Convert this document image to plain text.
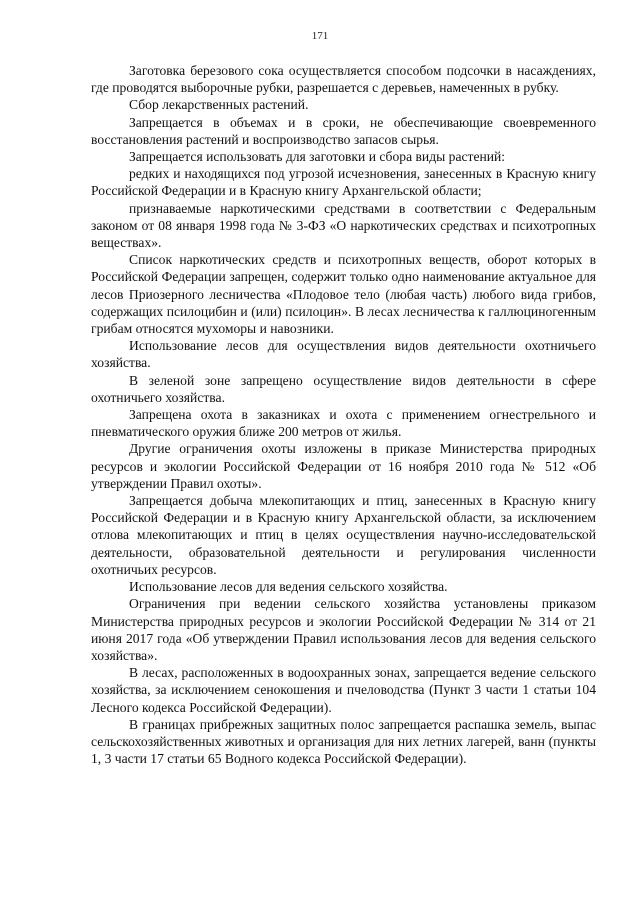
171

Заготовка березового сока осуществляется способом подсочки в насаждениях, где проводятся выборочные рубки, разрешается с деревьев, намеченных в рубку.

Сбор лекарственных растений.

Запрещается в объемах и в сроки, не обеспечивающие своевременного восстановления растений и воспроизводство запасов сырья.

Запрещается использовать для заготовки и сбора виды растений:

редких и находящихся под угрозой исчезновения, занесенных в Красную книгу Российской Федерации и в Красную книгу Архангельской области;

признаваемые наркотическими средствами в соответствии с Федеральным законом от 08 января 1998 года № 3-ФЗ «О наркотических средствах и психотропных веществах».

Список наркотических средств и психотропных веществ, оборот которых в Российской Федерации запрещен, содержит только одно наименование актуальное для лесов Приозерного лесничества «Плодовое тело (любая часть) любого вида грибов, содержащих псилоцибин и (или) псилоцин». В лесах лесничества к галлюциногенным грибам относятся мухоморы и навозники.

Использование лесов для осуществления видов деятельности охотничьего хозяйства.

В зеленой зоне запрещено осуществление видов деятельности в сфере охотничьего хозяйства.

Запрещена охота в заказниках и охота с применением огнестрельного и пневматического оружия ближе 200 метров от жилья.

Другие ограничения охоты изложены в приказе Министерства природных ресурсов и экологии Российской Федерации от 16 ноября 2010 года № 512 «Об утверждении Правил охоты».

Запрещается добыча млекопитающих и птиц, занесенных в Красную книгу Российской Федерации и в Красную книгу Архангельской области, за исключением отлова млекопитающих и птиц в целях осуществления научно-исследовательской деятельности, образовательной деятельности и регулирования численности охотничьих ресурсов.

Использование лесов для ведения сельского хозяйства.

Ограничения при ведении сельского хозяйства установлены приказом Министерства природных ресурсов и экологии Российской Федерации № 314 от 21 июня 2017 года «Об утверждении Правил использования лесов для ведения сельского хозяйства».

В лесах, расположенных в водоохранных зонах, запрещается ведение сельского хозяйства, за исключением сенокошения и пчеловодства (Пункт 3 части 1 статьи 104 Лесного кодекса Российской Федерации).

В границах прибрежных защитных полос запрещается распашка земель, выпас сельскохозяйственных животных и организация для них летних лагерей, ванн (пункты 1, 3 части 17 статьи 65 Водного кодекса Российской Федерации).
